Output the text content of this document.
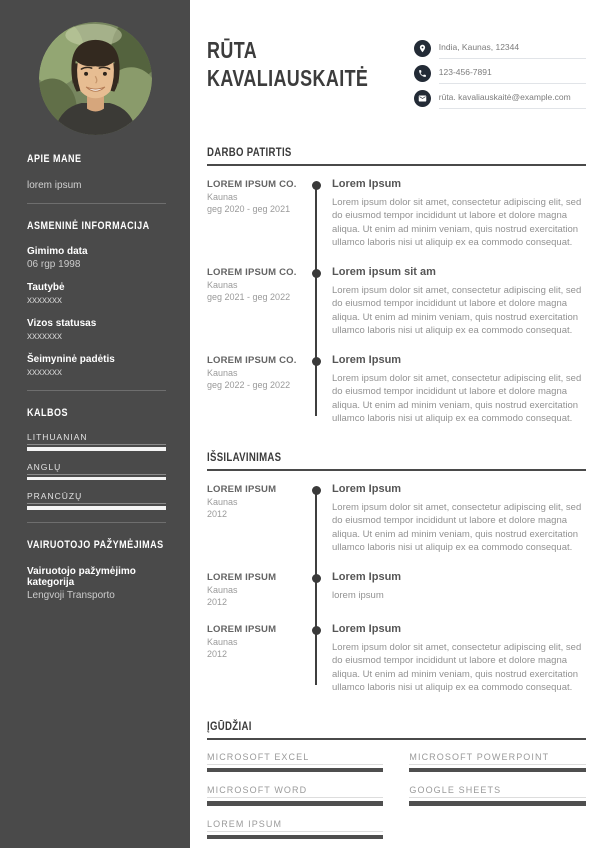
APIE MANE
lorem ipsum
ASMENINĖ INFORMACIJA
Gimimo data
06 rgp 1998
Tautybė
xxxxxxx
Vizos statusas
xxxxxxx
Šeimyninė padėtis
xxxxxxx
KALBOS
LITHUANIAN
ANGLŲ
PRANCŪZŲ
VAIRUOTOJO PAŽYMĖJIMAS
Vairuotojo pažymėjimo kategorija
Lengvoji Transporto
RŪTA
KAVALIAUSKAITĖ
India, Kaunas, 12344
123-456-7891
rūta. kavaliauskaitė@example.com
DARBO PATIRTIS
LOREM IPSUM CO.
Kaunas
geg 2020 - geg 2021
Lorem Ipsum
Lorem ipsum dolor sit amet, consectetur adipiscing elit, sed do eiusmod tempor incididunt ut labore et dolore magna aliqua. Ut enim ad minim veniam, quis nostrud exercitation ullamco laboris nisi ut aliquip ex ea commodo consequat.
LOREM IPSUM CO.
Kaunas
geg 2021 - geg 2022
Lorem ipsum sit am
Lorem ipsum dolor sit amet, consectetur adipiscing elit, sed do eiusmod tempor incididunt ut labore et dolore magna aliqua. Ut enim ad minim veniam, quis nostrud exercitation ullamco laboris nisi ut aliquip ex ea commodo consequat.
LOREM IPSUM CO.
Kaunas
geg 2022 - geg 2022
Lorem Ipsum
Lorem ipsum dolor sit amet, consectetur adipiscing elit, sed do eiusmod tempor incididunt ut labore et dolore magna aliqua. Ut enim ad minim veniam, quis nostrud exercitation ullamco laboris nisi ut aliquip ex ea commodo consequat.
IŠSILAVINIMAS
LOREM IPSUM
Kaunas
2012
Lorem Ipsum
Lorem ipsum dolor sit amet, consectetur adipiscing elit, sed do eiusmod tempor incididunt ut labore et dolore magna aliqua. Ut enim ad minim veniam, quis nostrud exercitation ullamco laboris nisi ut aliquip ex ea commodo consequat.
LOREM IPSUM
Kaunas
2012
Lorem Ipsum
lorem ipsum
LOREM IPSUM
Kaunas
2012
Lorem Ipsum
Lorem ipsum dolor sit amet, consectetur adipiscing elit, sed do eiusmod tempor incididunt ut labore et dolore magna aliqua. Ut enim ad minim veniam, quis nostrud exercitation ullamco laboris nisi ut aliquip ex ea commodo consequat.
ĮGŪDŽIAI
MICROSOFT EXCEL
MICROSOFT WORD
LOREM IPSUM
MICROSOFT POWERPOINT
GOOGLE SHEETS
